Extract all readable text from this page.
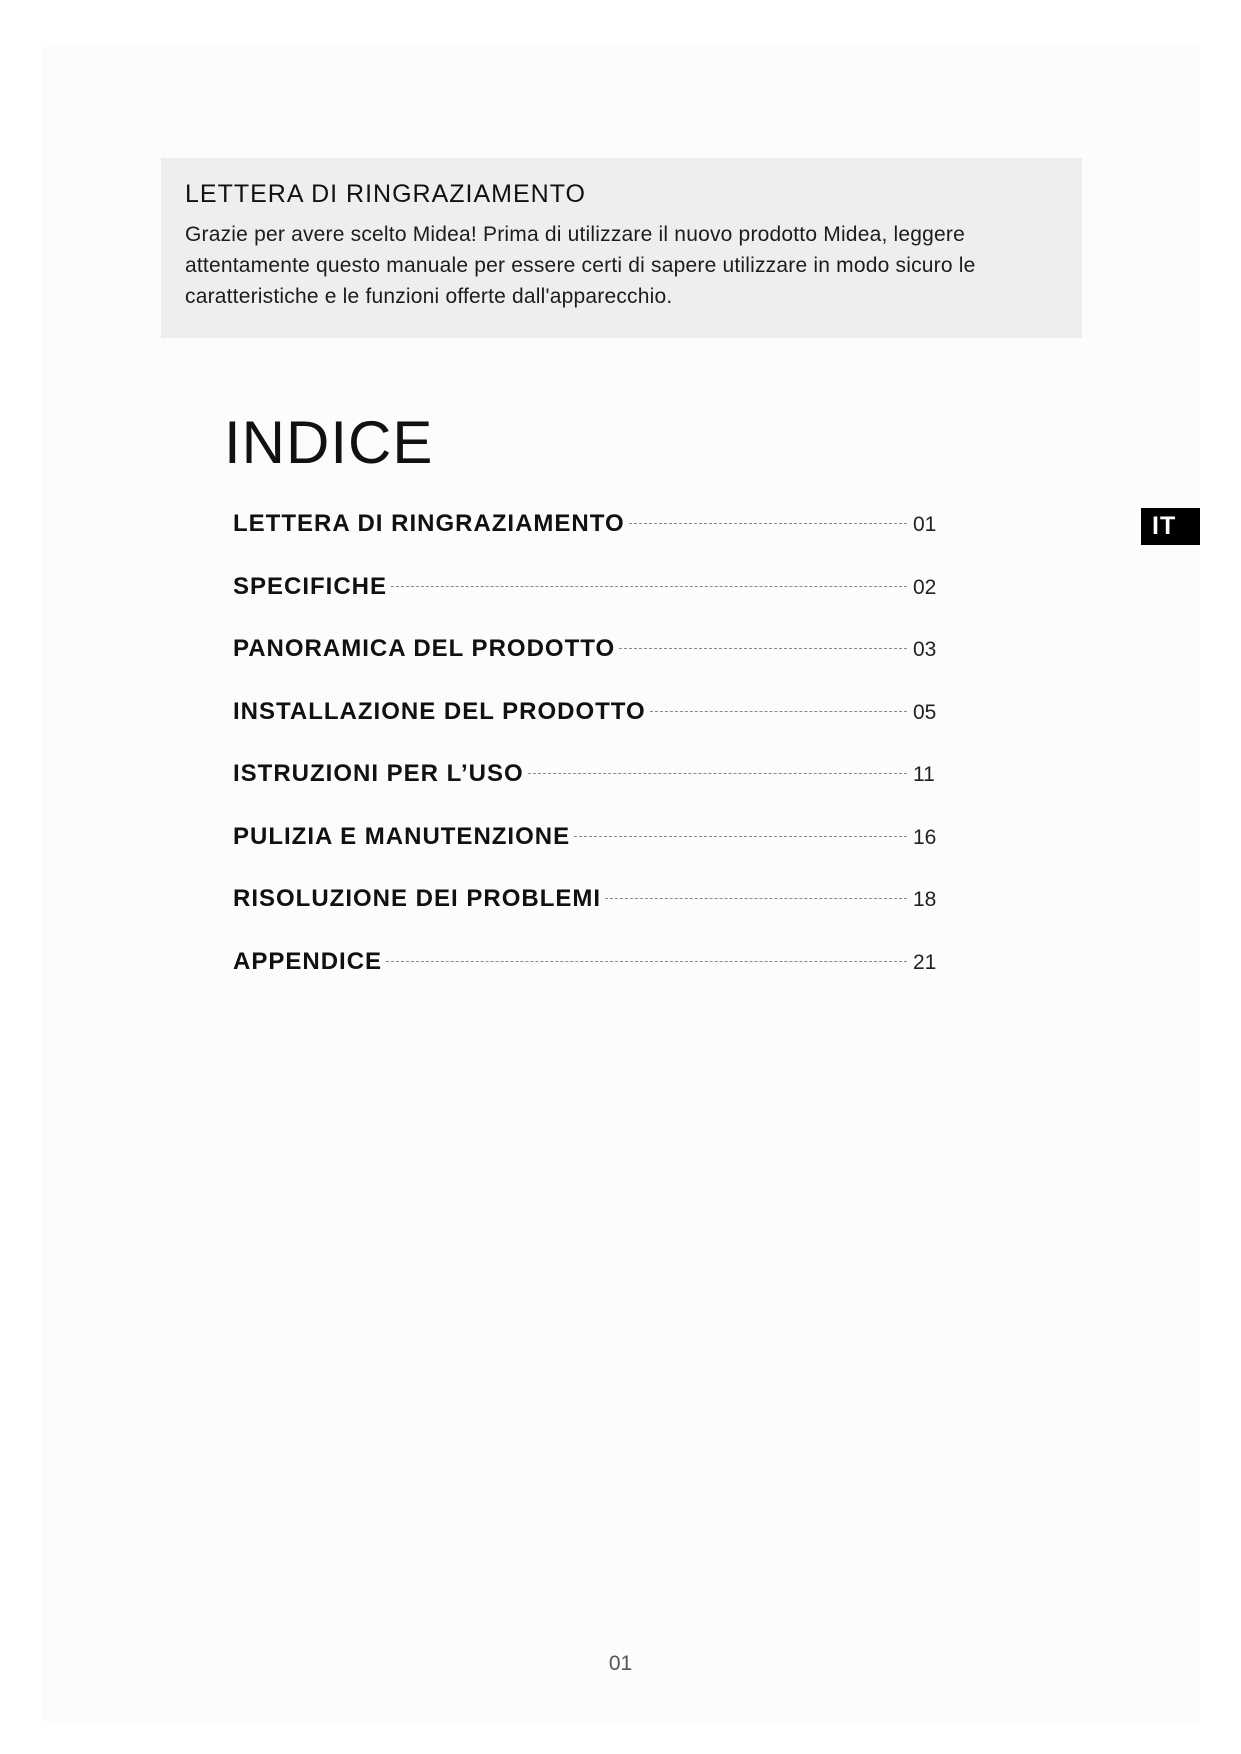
LETTERA DI RINGRAZIAMENTO

Grazie per avere scelto Midea! Prima di utilizzare il nuovo prodotto Midea, leggere attentamente questo manuale per essere certi di sapere utilizzare in modo sicuro le caratteristiche e le funzioni offerte dall'apparecchio.

INDICE
LETTERA DI RINGRAZIAMENTO	01
SPECIFICHE	02
PANORAMICA DEL PRODOTTO	03
INSTALLAZIONE DEL PRODOTTO	05
ISTRUZIONI PER L’USO	11
PULIZIA E MANUTENZIONE	16
RISOLUZIONE DEI PROBLEMI	18
APPENDICE	21
IT
01
